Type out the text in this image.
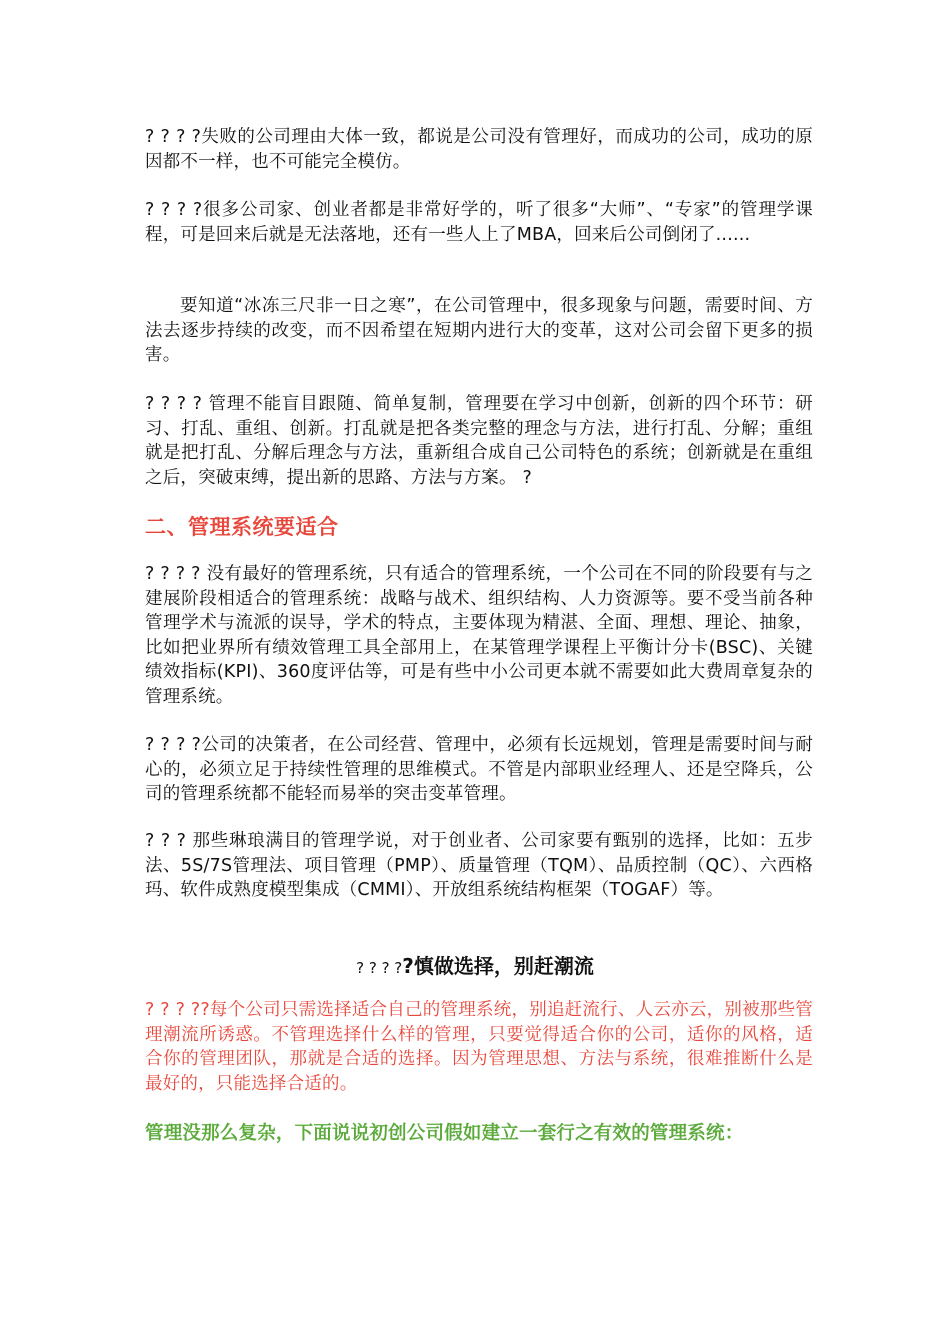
? ? ? ?失败的公司理由大体一致，都说是公司没有管理好，而成功的公司，成功的原因都不一样，也不可能完全模仿。

? ? ? ?很多公司家、创业者都是非常好学的，听了很多“大师”、“专家”的管理学课程，可是回来后就是无法落地，还有一些人上了MBA，回来后公司倒闭了......

要知道“冰冻三尺非一日之寒”，在公司管理中，很多现象与问题，需要时间、方法去逐步持续的改变，而不因希望在短期内进行大的变革，这对公司会留下更多的损害。

? ? ? ? 管理不能盲目跟随、简单复制，管理要在学习中创新，创新的四个环节：研习、打乱、重组、创新。打乱就是把各类完整的理念与方法，进行打乱、分解；重组就是把打乱、分解后理念与方法，重新组合成自己公司特色的系统；创新就是在重组之后，突破束缚，提出新的思路、方法与方案。 ?

二、管理系统要适合

? ? ? ? 没有最好的管理系统，只有适合的管理系统，一个公司在不同的阶段要有与之建展阶段相适合的管理系统：战略与战术、组织结构、人力资源等。要不受当前各种管理学术与流派的误导，学术的特点，主要体现为精湛、全面、理想、理论、抽象，比如把业界所有绩效管理工具全部用上，在某管理学课程上平衡计分卡(BSC)、关键绩效指标(KPI)、360度评估等，可是有些中小公司更本就不需要如此大费周章复杂的管理系统。

? ? ? ?公司的决策者，在公司经营、管理中，必须有长远规划，管理是需要时间与耐心的，必须立足于持续性管理的思维模式。不管是内部职业经理人、还是空降兵，公司的管理系统都不能轻而易举的突击变革管理。

? ? ? 那些琳琅满目的管理学说，对于创业者、公司家要有甄别的选择，比如：五步法、5S/7S管理法、项目管理（PMP）、质量管理（TQM）、品质控制（QC）、六西格玛、软件成熟度模型集成（CMMI）、开放组系统结构框架（TOGAF）等。

? ? ? ??慎做选择，别赶潮流

? ? ? ??每个公司只需选择适合自己的管理系统，别追赶流行、人云亦云，别被那些管理潮流所诱惑。不管理选择什么样的管理，只要觉得适合你的公司，适你的风格，适合你的管理团队，那就是合适的选择。因为管理思想、方法与系统，很难推断什么是最好的，只能选择合适的。

管理没那么复杂，下面说说初创公司假如建立一套行之有效的管理系统：
